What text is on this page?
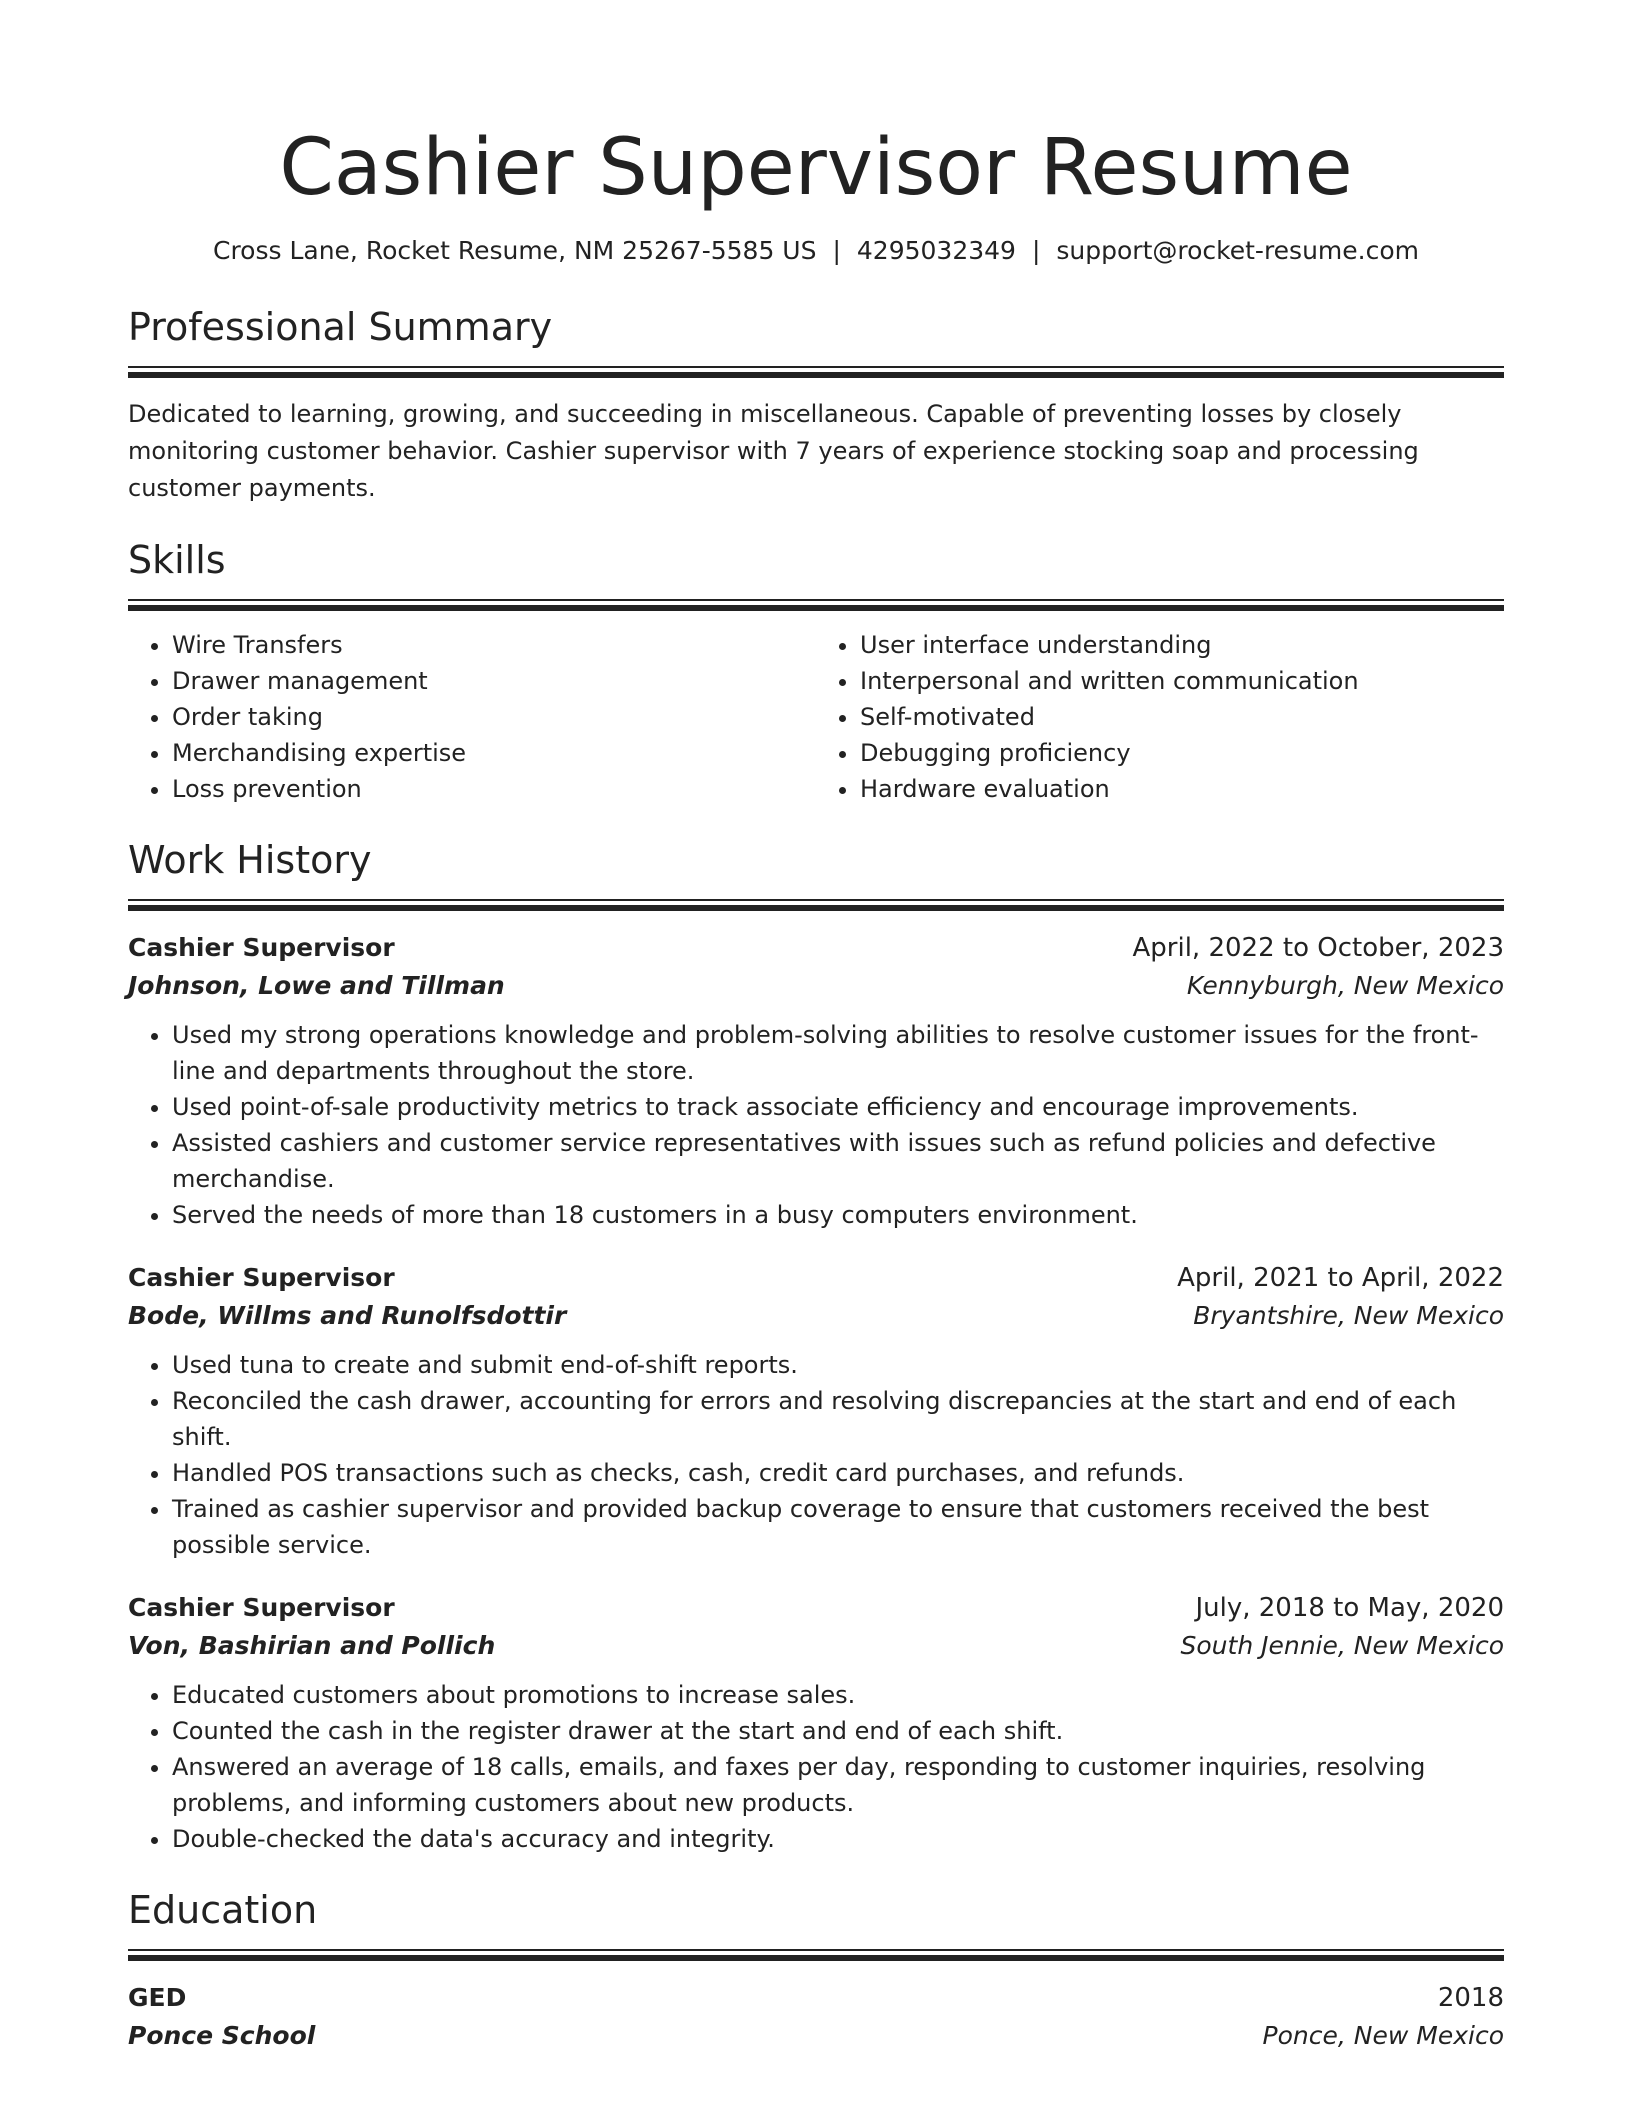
Cashier Supervisor Resume
Cross Lane, Rocket Resume, NM 25267-5585 US | 4295032349 | support@rocket-resume.com
Professional Summary
Dedicated to learning, growing, and succeeding in miscellaneous. Capable of preventing losses by closely monitoring customer behavior. Cashier supervisor with 7 years of experience stocking soap and processing customer payments.
Skills
• Wire Transfers
• Drawer management
• Order taking
• Merchandising expertise
• Loss prevention
• User interface understanding
• Interpersonal and written communication
• Self-motivated
• Debugging proficiency
• Hardware evaluation
Work History
Cashier Supervisor	April, 2022 to October, 2023
Johnson, Lowe and Tillman	Kennyburgh, New Mexico
• Used my strong operations knowledge and problem-solving abilities to resolve customer issues for the front-line and departments throughout the store.
• Used point-of-sale productivity metrics to track associate efficiency and encourage improvements.
• Assisted cashiers and customer service representatives with issues such as refund policies and defective merchandise.
• Served the needs of more than 18 customers in a busy computers environment.
Cashier Supervisor	April, 2021 to April, 2022
Bode, Willms and Runolfsdottir	Bryantshire, New Mexico
• Used tuna to create and submit end-of-shift reports.
• Reconciled the cash drawer, accounting for errors and resolving discrepancies at the start and end of each shift.
• Handled POS transactions such as checks, cash, credit card purchases, and refunds.
• Trained as cashier supervisor and provided backup coverage to ensure that customers received the best possible service.
Cashier Supervisor	July, 2018 to May, 2020
Von, Bashirian and Pollich	South Jennie, New Mexico
• Educated customers about promotions to increase sales.
• Counted the cash in the register drawer at the start and end of each shift.
• Answered an average of 18 calls, emails, and faxes per day, responding to customer inquiries, resolving problems, and informing customers about new products.
• Double-checked the data's accuracy and integrity.
Education
GED	2018
Ponce School	Ponce, New Mexico
